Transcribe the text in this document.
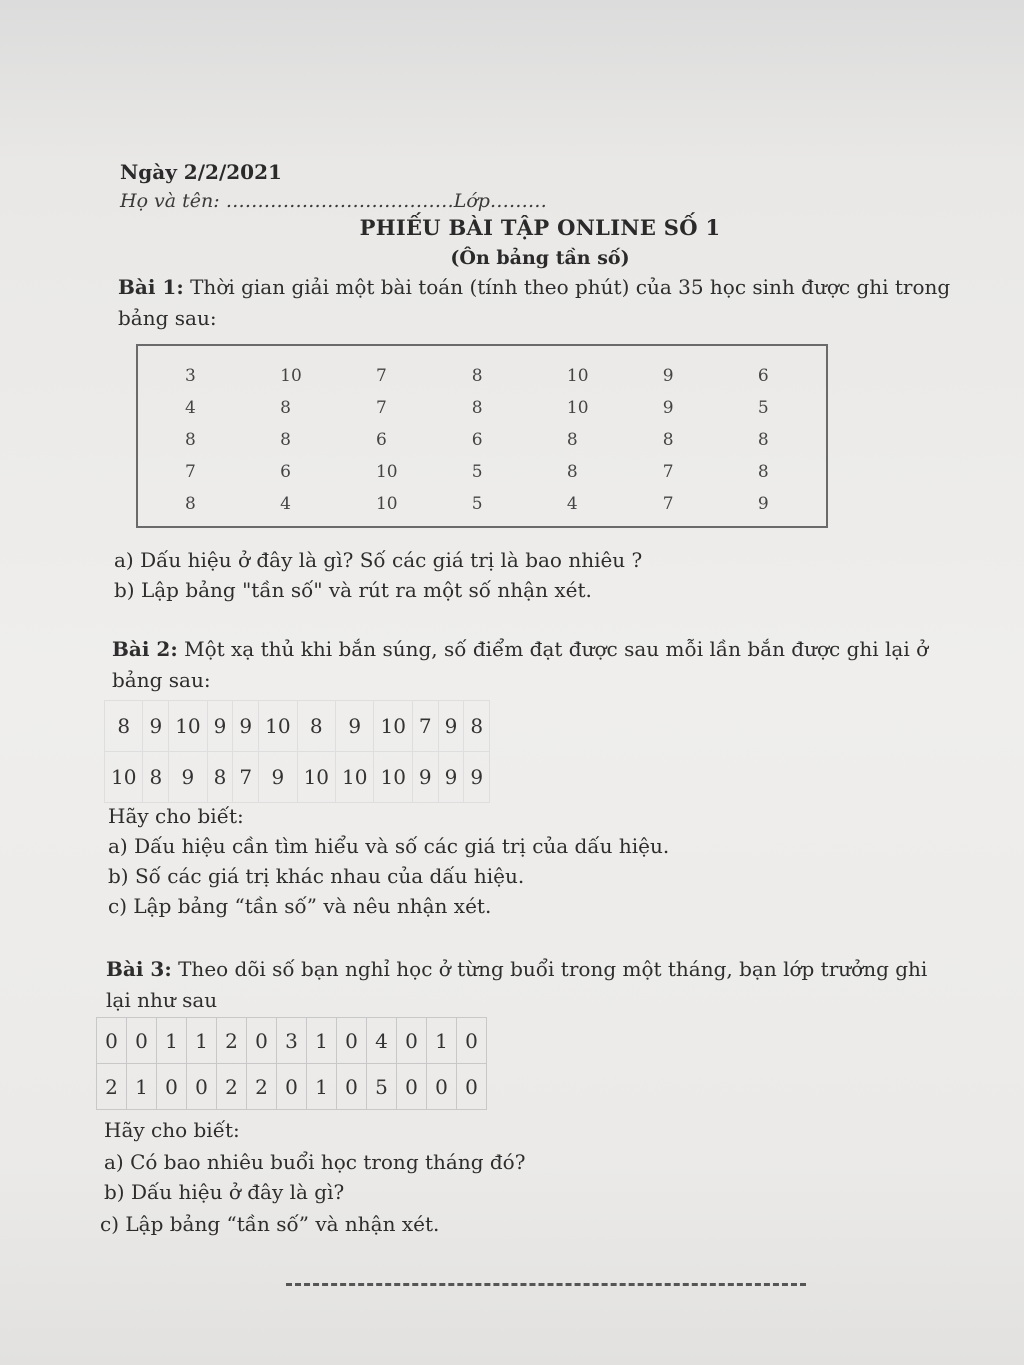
Ngày 2/2/2021
Họ và tên: ………………………………Lớp………
PHIẾU BÀI TẬP ONLINE SỐ 1
(Ôn bảng tần số)
Bài 1: Thời gian giải một bài toán (tính theo phút) của 35 học sinh được ghi trong
bảng sau:
3	10	7	8	10	9	6
4	8	7	8	10	9	5
8	8	6	6	8	8	8
7	6	10	5	8	7	8
8	4	10	5	4	7	9
a) Dấu hiệu ở đây là gì? Số các giá trị là bao nhiêu ?
b) Lập bảng "tần số" và rút ra một số nhận xét.
Bài 2: Một xạ thủ khi bắn súng, số điểm đạt được sau mỗi lần bắn được ghi lại ở
bảng sau:
8	9	10	9	9	10	8	9	10	7	9	8
10	8	9	8	7	9	10	10	10	9	9	9
Hãy cho biết:
a) Dấu hiệu cần tìm hiểu và số các giá trị của dấu hiệu.
b) Số các giá trị khác nhau của dấu hiệu.
c) Lập bảng “tần số” và nêu nhận xét.
Bài 3: Theo dõi số bạn nghỉ học ở từng buổi trong một tháng, bạn lớp trưởng ghi
lại như sau
0	0	1	1	2	0	3	1	0	4	0	1	0
2	1	0	0	2	2	0	1	0	5	0	0	0
Hãy cho biết:
a) Có bao nhiêu buổi học trong tháng đó?
b) Dấu hiệu ở đây là gì?
c) Lập bảng “tần số” và nhận xét.
